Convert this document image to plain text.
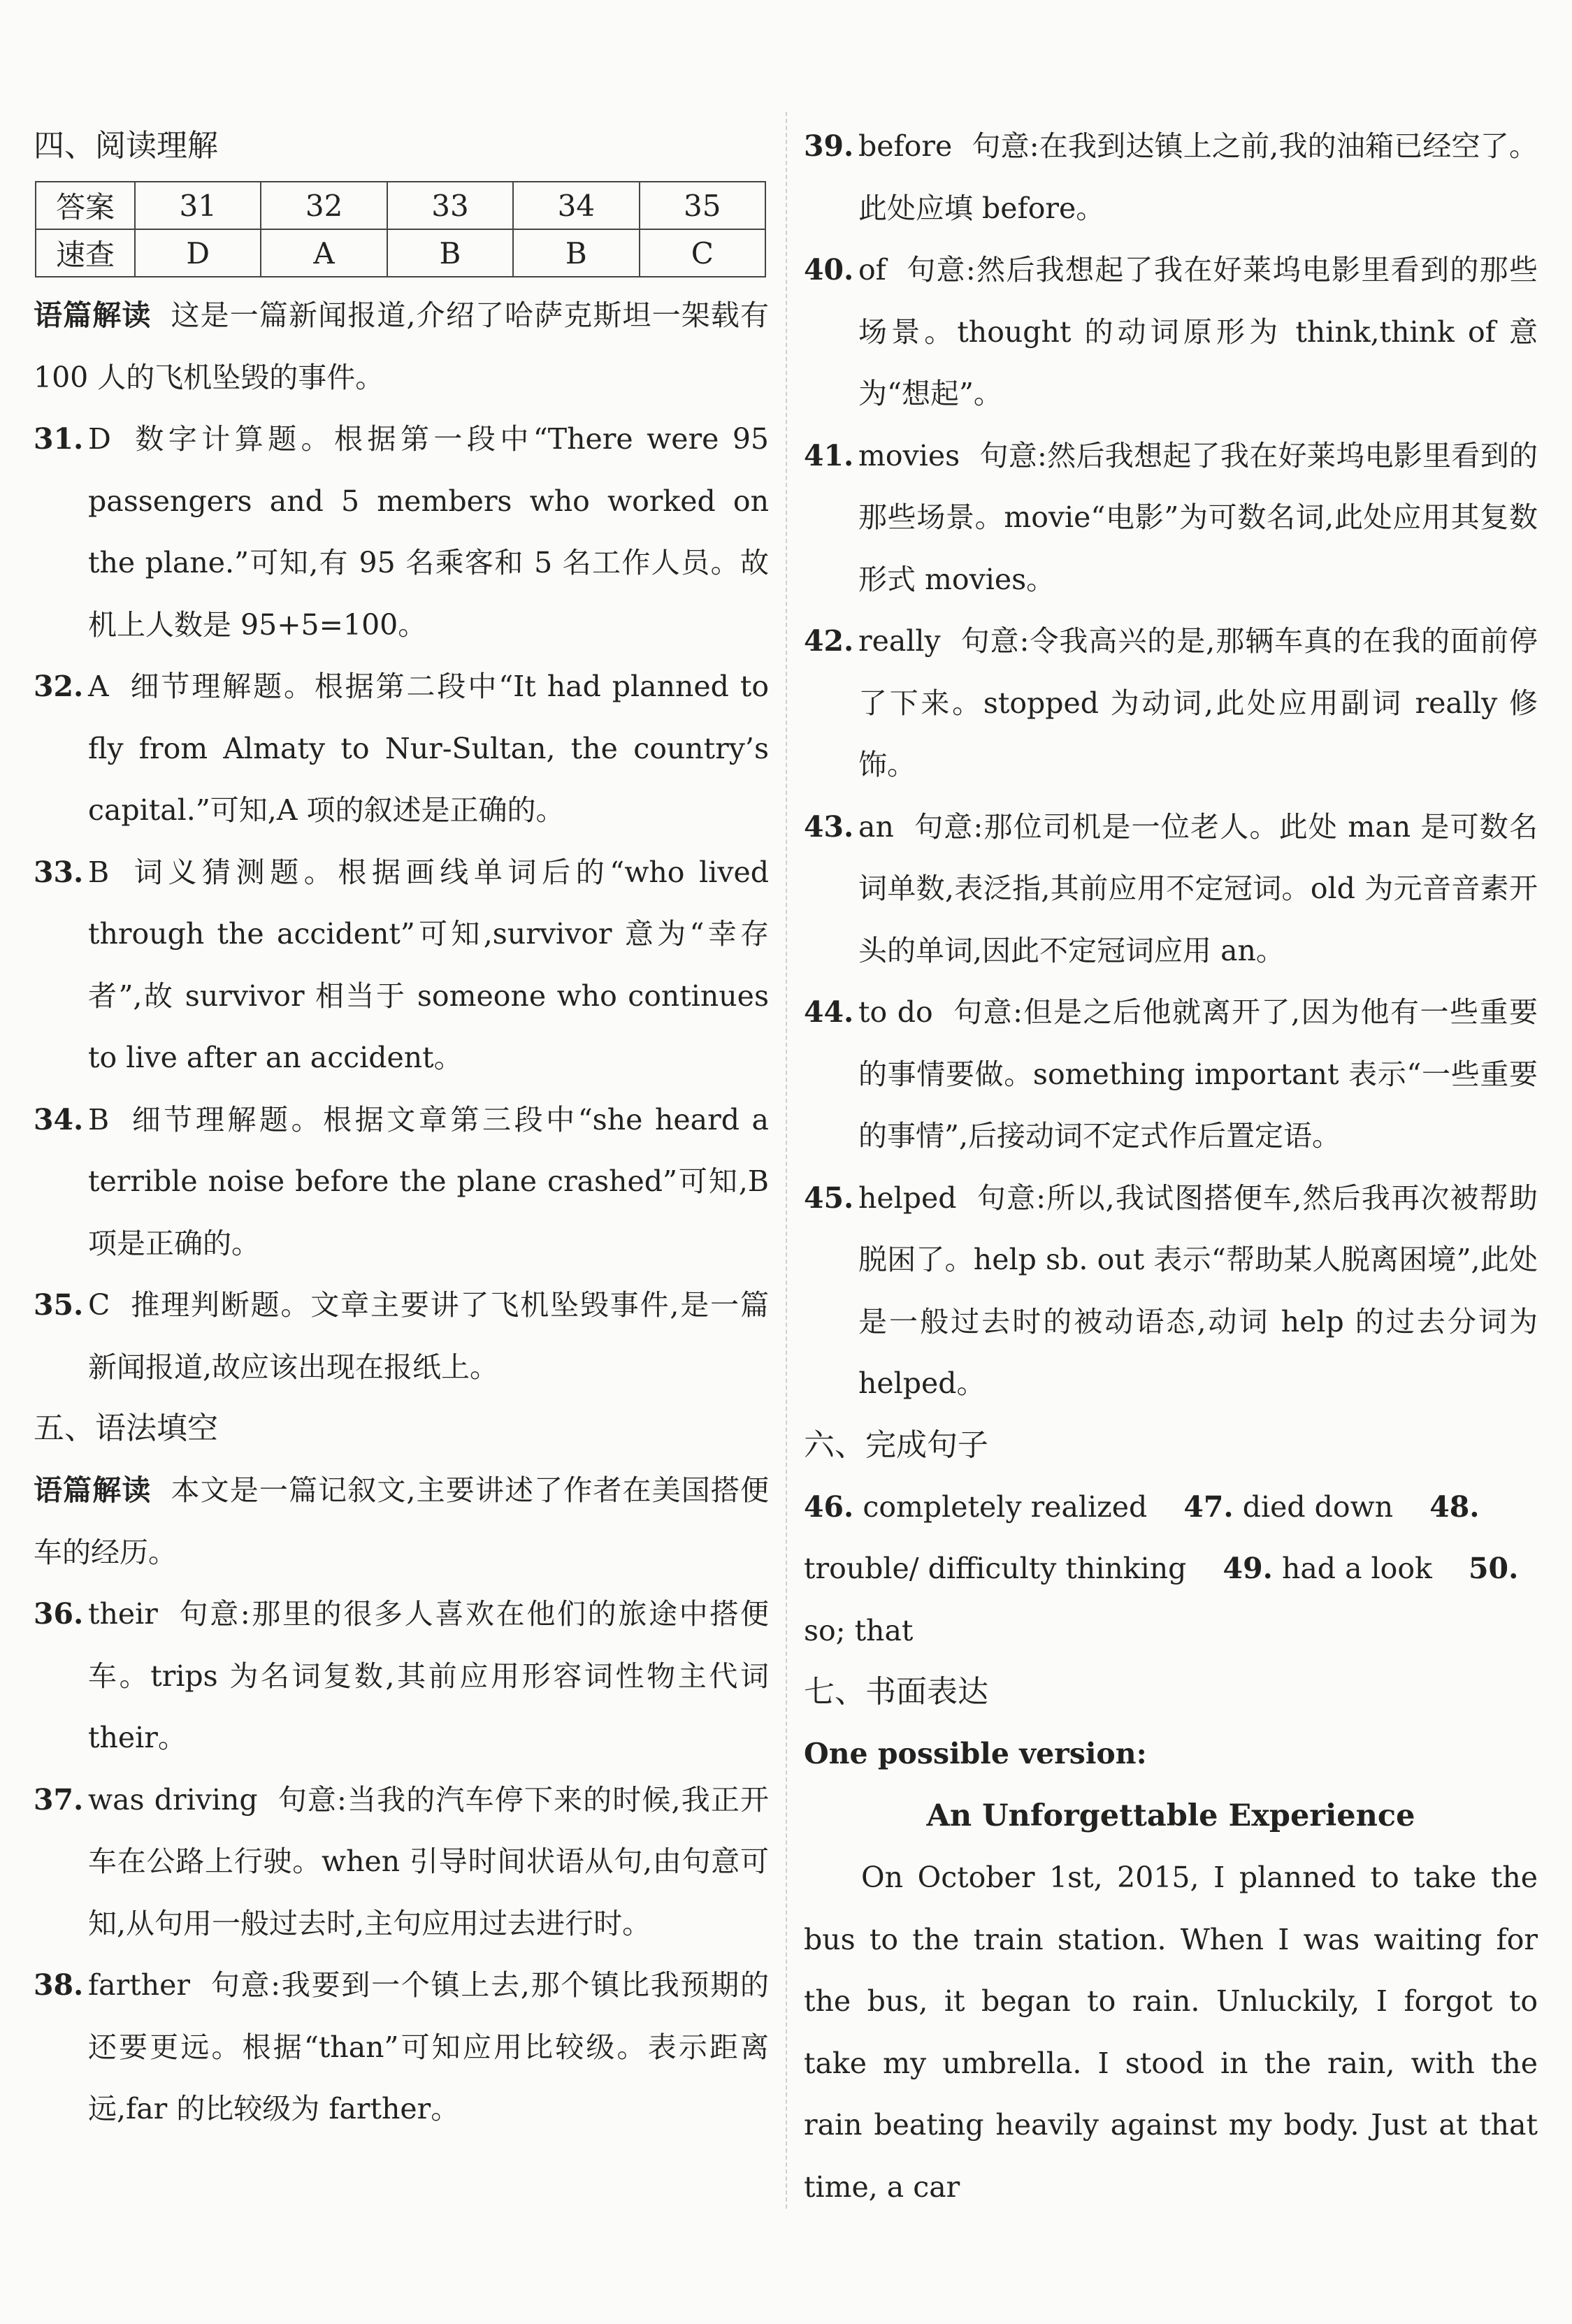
四、阅读理解
答案	31	32	33	34	35
速查	D	A	B	B	C

语篇解读 这是一篇新闻报道,介绍了哈萨克斯坦一架载有 100 人的飞机坠毁的事件。

31. D 数字计算题。根据第一段中“There were 95 passengers and 5 members who worked on the plane.”可知,有 95 名乘客和 5 名工作人员。故机上人数是 95+5=100。

32. A 细节理解题。根据第二段中“It had planned to fly from Almaty to Nur-Sultan, the country’s capital.”可知,A 项的叙述是正确的。

33. B 词义猜测题。根据画线单词后的“who lived through the accident”可知,survivor 意为“幸存者”,故 survivor 相当于 someone who continues to live after an accident。

34. B 细节理解题。根据文章第三段中“she heard a terrible noise before the plane crashed”可知,B 项是正确的。

35. C 推理判断题。文章主要讲了飞机坠毁事件,是一篇新闻报道,故应该出现在报纸上。

五、语法填空

语篇解读 本文是一篇记叙文,主要讲述了作者在美国搭便车的经历。

36. their 句意:那里的很多人喜欢在他们的旅途中搭便车。trips 为名词复数,其前应用形容词性物主代词 their。

37. was driving 句意:当我的汽车停下来的时候,我正开车在公路上行驶。when 引导时间状语从句,由句意可知,从句用一般过去时,主句应用过去进行时。

38. farther 句意:我要到一个镇上去,那个镇比我预期的还要更远。根据“than”可知应用比较级。表示距离远,far 的比较级为 farther。

39. before 句意:在我到达镇上之前,我的油箱已经空了。此处应填 before。

40. of 句意:然后我想起了我在好莱坞电影里看到的那些场景。thought 的动词原形为 think,think of 意为“想起”。

41. movies 句意:然后我想起了我在好莱坞电影里看到的那些场景。movie“电影”为可数名词,此处应用其复数形式 movies。

42. really 句意:令我高兴的是,那辆车真的在我的面前停了下来。stopped 为动词,此处应用副词 really 修饰。

43. an 句意:那位司机是一位老人。此处 man 是可数名词单数,表泛指,其前应用不定冠词。old 为元音音素开头的单词,因此不定冠词应用 an。

44. to do 句意:但是之后他就离开了,因为他有一些重要的事情要做。something important 表示“一些重要的事情”,后接动词不定式作后置定语。

45. helped 句意:所以,我试图搭便车,然后我再次被帮助脱困了。help sb. out 表示“帮助某人脱离困境”,此处是一般过去时的被动语态,动词 help 的过去分词为 helped。

六、完成句子

46. completely realized 47. died down 48. trouble/ difficulty thinking 49. had a look 50. so; that

七、书面表达

One possible version:

An Unforgettable Experience

On October 1st, 2015, I planned to take the bus to the train station. When I was waiting for the bus, it began to rain. Unluckily, I forgot to take my umbrella. I stood in the rain, with the rain beating heavily against my body. Just at that time, a car
